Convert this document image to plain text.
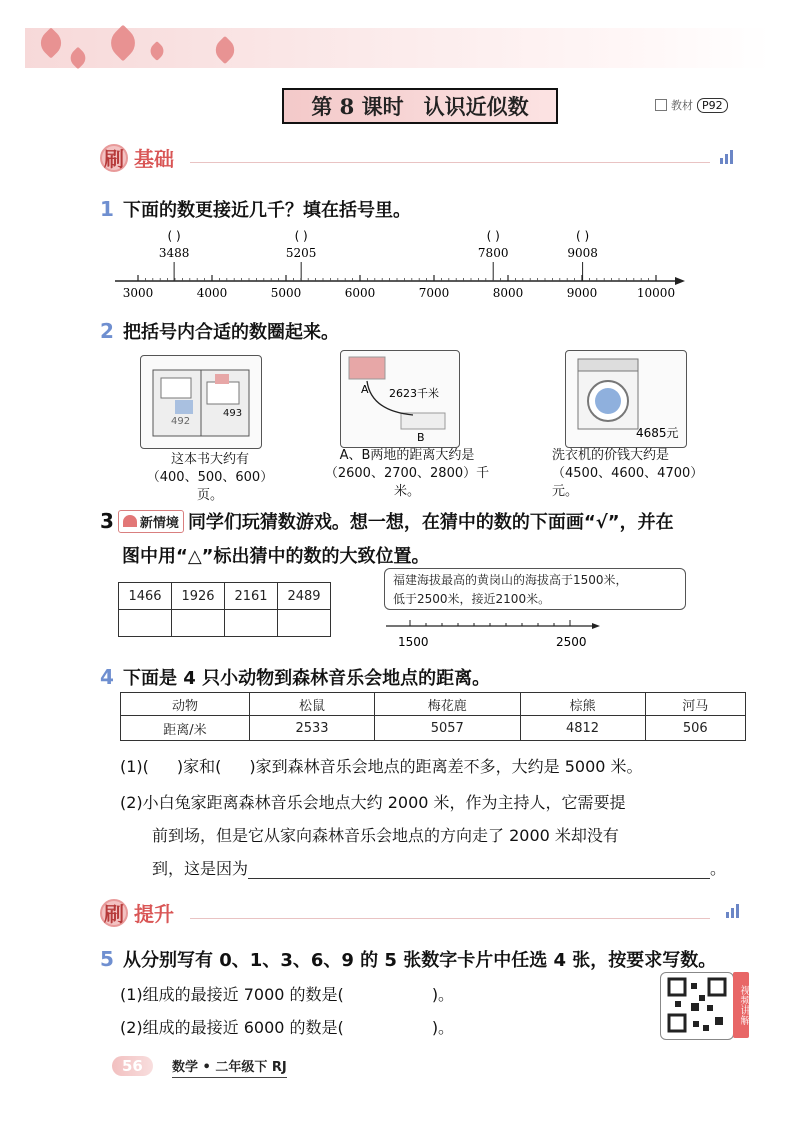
第 8 课时 认识近似数	教材 P92
刷 基础
1 下面的数更接近几千？填在括号里。
3488
( )
5205
( )
7800
( )
9008
( )
3000	4000	5000	6000	7000	8000	9000	10000
2 把括号内合适的数圈起来。
492
493
这本书大约有
（400、500、600）页。
A 2623千米
B
A、B两地的距离大约是
（2600、2700、2800）千米。
4685元
洗衣机的价钱大约是
（4500、4600、4700）元。
3 新情境 同学们玩猜数游戏。想一想，在猜中的数的下面画“√”，并在
图中用“△”标出猜中的数的大致位置。
1466	1926	2161	2489

福建海拔最高的黄岗山的海拔高于1500米，
低于2500米，接近2100米。
1500	2500
4 下面是 4 只小动物到森林音乐会地点的距离。
动物	松鼠	梅花鹿	棕熊	河马
距离/米	2533	5057	4812	506
(1)( )家和( )家到森林音乐会地点的距离差不多，大约是 5000 米。
(2)小白兔家距离森林音乐会地点大约 2000 米，作为主持人，它需要提
前到场，但是它从家向森林音乐会地点的方向走了 2000 米却没有
到，这是因为	。
刷 提升
5 从分别写有 0、1、3、6、9 的 5 张数字卡片中任选 4 张，按要求写数。
(1)组成的最接近 7000 的数是(	)。
(2)组成的最接近 6000 的数是(	)。
视频讲解
56	数学 • 二年级下 RJ
